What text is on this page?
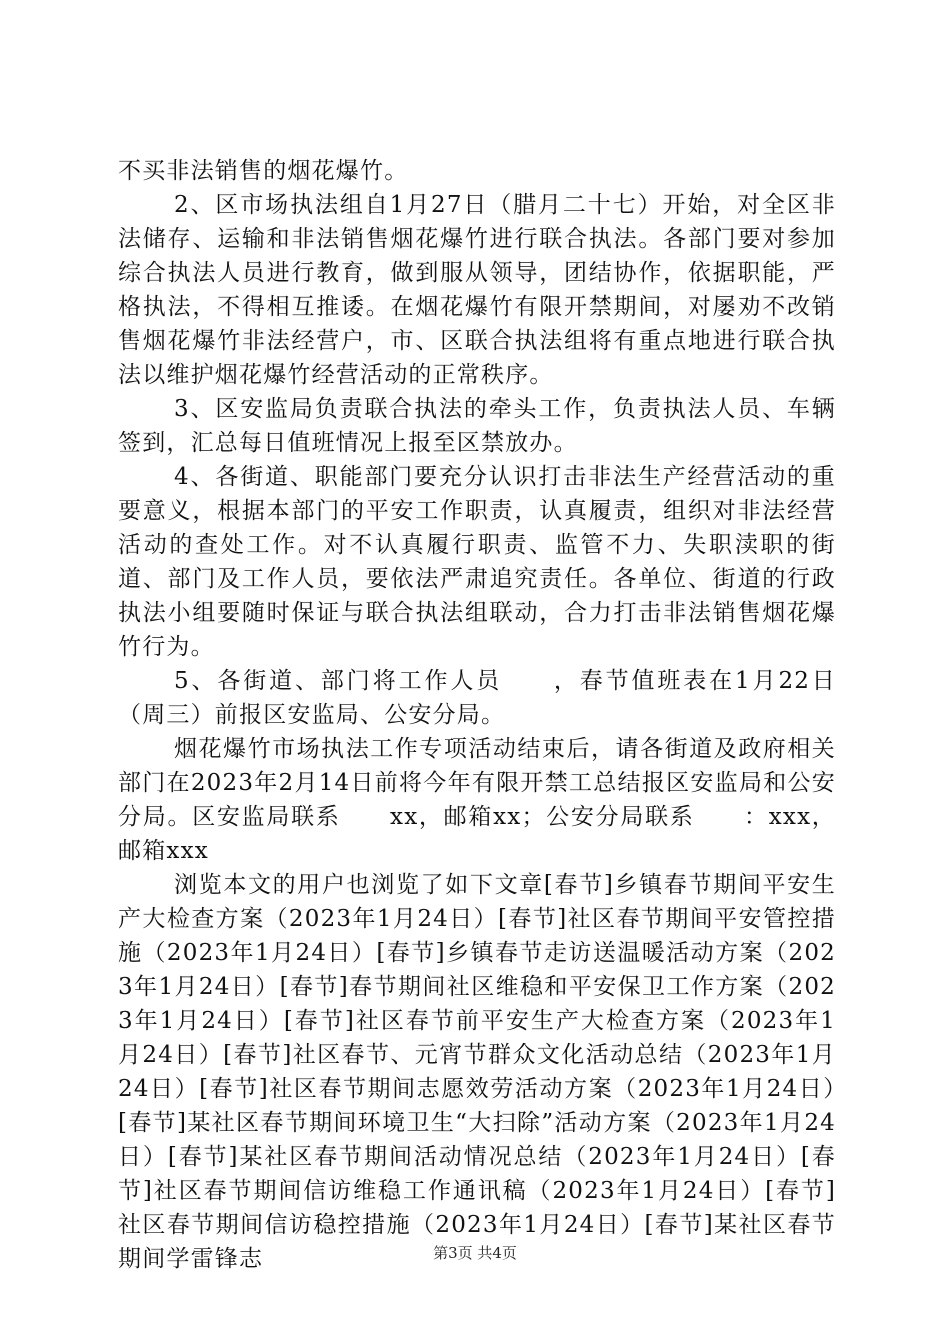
不买非法销售的烟花爆竹。

2、区市场执法组自1月27日（腊月二十七）开始，对全区非法储存、运输和非法销售烟花爆竹进行联合执法。各部门要对参加综合执法人员进行教育，做到服从领导，团结协作，依据职能，严格执法，不得相互推诿。在烟花爆竹有限开禁期间，对屡劝不改销售烟花爆竹非法经营户，市、区联合执法组将有重点地进行联合执法以维护烟花爆竹经营活动的正常秩序。

3、区安监局负责联合执法的牵头工作，负责执法人员、车辆签到，汇总每日值班情况上报至区禁放办。

4、各街道、职能部门要充分认识打击非法生产经营活动的重要意义，根据本部门的平安工作职责，认真履责，组织对非法经营活动的查处工作。对不认真履行职责、监管不力、失职渎职的街道、部门及工作人员，要依法严肃追究责任。各单位、街道的行政执法小组要随时保证与联合执法组联动，合力打击非法销售烟花爆竹行为。

5、各街道、部门将工作人员　　，春节值班表在1月22日（周三）前报区安监局、公安分局。

烟花爆竹市场执法工作专项活动结束后，请各街道及政府相关部门在2023年2月14日前将今年有限开禁工总结报区安监局和公安分局。区安监局联系　　xx，邮箱xx；公安分局联系　　：xxx，邮箱xxx

浏览本文的用户也浏览了如下文章[春节]乡镇春节期间平安生产大检查方案（2023年1月24日）[春节]社区春节期间平安管控措施（2023年1月24日）[春节]乡镇春节走访送温暖活动方案（2023年1月24日）[春节]春节期间社区维稳和平安保卫工作方案（2023年1月24日）[春节]社区春节前平安生产大检查方案（2023年1月24日）[春节]社区春节、元宵节群众文化活动总结（2023年1月24日）[春节]社区春节期间志愿效劳活动方案（2023年1月24日）[春节]某社区春节期间环境卫生“大扫除”活动方案（2023年1月24日）[春节]某社区春节期间活动情况总结（2023年1月24日）[春节]社区春节期间信访维稳工作通讯稿（2023年1月24日）[春节]社区春节期间信访稳控措施（2023年1月24日）[春节]某社区春节期间学雷锋志	第3页 共4页
